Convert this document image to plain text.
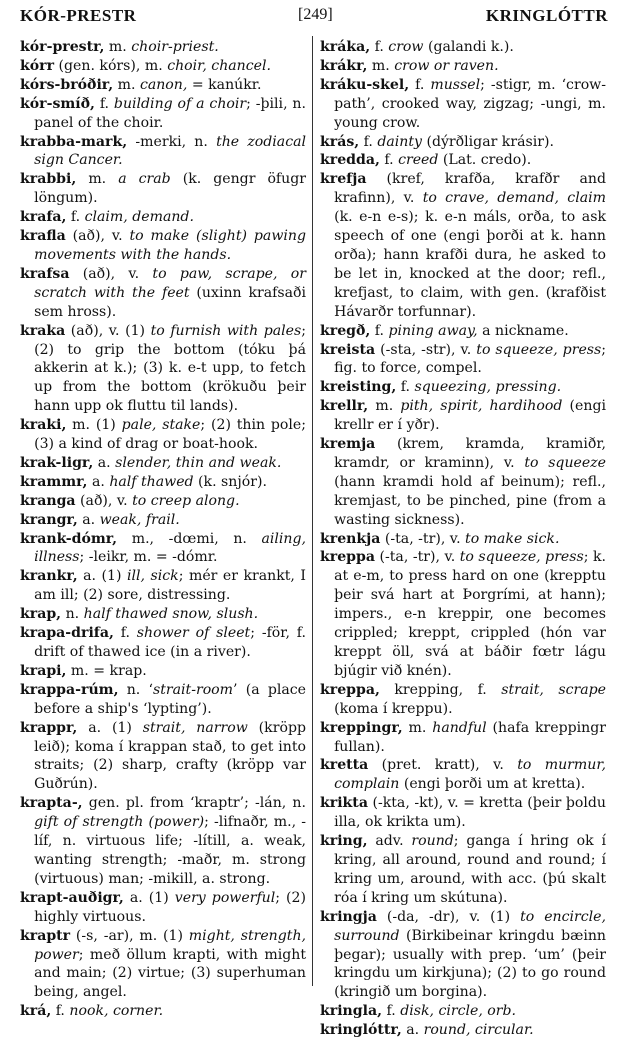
KÓR-PRESTR	[249]	KRINGLÓTTR

kór-prestr, m. choir-priest.

kórr (gen. kórs), m. choir, chancel.

kórs-bróðir, m. canon, = kanúkr.

kór-smíð, f. building of a choir; -þili, n. panel of the choir.

krabba-mark, -merki, n. the zodiacal sign Cancer.

krabbi, m. a crab (k. gengr öfugr löngum).

krafa, f. claim, demand.

krafla (að), v. to make (slight) pawing movements with the hands.

krafsa (að), v. to paw, scrape, or scratch with the feet (uxinn krafsaði sem hross).

kraka (að), v. (1) to furnish with pales; (2) to grip the bottom (tóku þá akkerin at k.); (3) k. e-t upp, to fetch up from the bottom (krökuðu þeir hann upp ok fluttu til lands).

kraki, m. (1) pale, stake; (2) thin pole; (3) a kind of drag or boat-hook.

krak-ligr, a. slender, thin and weak.

krammr, a. half thawed (k. snjór).

kranga (að), v. to creep along.

krangr, a. weak, frail.

krank-dómr, m., -dœmi, n. ailing, illness; -leikr, m. = -dómr.

krankr, a. (1) ill, sick; mér er krankt, I am ill; (2) sore, distressing.

krap, n. half thawed snow, slush.

krapa-drifa, f. shower of sleet; -för, f. drift of thawed ice (in a river).

krapi, m. = krap.

krappa-rúm, n. ‘strait-room’ (a place before a ship's ‘lypting’).

krappr, a. (1) strait, narrow (kröpp leið); koma í krappan stað, to get into straits; (2) sharp, crafty (kröpp var Guðrún).

krapta-, gen. pl. from ‘kraptr’; -lán, n. gift of strength (power); -lifnaðr, m., -líf, n. virtuous life; -lítill, a. weak, wanting strength; -maðr, m. strong (virtuous) man; -mikill, a. strong.

krapt-auðigr, a. (1) very powerful; (2) highly virtuous.

kraptr (-s, -ar), m. (1) might, strength, power; með öllum krapti, with might and main; (2) virtue; (3) superhuman being, angel.

krá, f. nook, corner.

kráka, f. crow (galandi k.).

krákr, m. crow or raven.

kráku-skel, f. mussel; -stigr, m. ‘crow-path’, crooked way, zigzag; -ungi, m. young crow.

krás, f. dainty (dýrðligar krásir).

kredda, f. creed (Lat. credo).

krefja (kref, krafða, krafðr and krafinn), v. to crave, demand, claim (k. e-n e-s); k. e-n máls, orða, to ask speech of one (engi þorði at k. hann orða); hann krafði dura, he asked to be let in, knocked at the door; refl., krefjast, to claim, with gen. (krafðist Hávarðr torfunnar).

kregð, f. pining away, a nickname.

kreista (-sta, -str), v. to squeeze, press; fig. to force, compel.

kreisting, f. squeezing, pressing.

krellr, m. pith, spirit, hardihood (engi krellr er í yðr).

kremja (krem, kramda, kramiðr, kramdr, or kraminn), v. to squeeze (hann kramdi hold af beinum); refl., kremjast, to be pinched, pine (from a wasting sickness).

krenkja (-ta, -tr), v. to make sick.

kreppa (-ta, -tr), v. to squeeze, press; k. at e-m, to press hard on one (krepptu þeir svá hart at Þorgrími, at hann); impers., e-n kreppir, one becomes crippled; kreppt, crippled (hón var kreppt öll, svá at báðir fœtr lágu bjúgir við knén).

kreppa, krepping, f. strait, scrape (koma í kreppu).

kreppingr, m. handful (hafa kreppingr fullan).

kretta (pret. kratt), v. to murmur, complain (engi þorði um at kretta).

krikta (-kta, -kt), v. = kretta (þeir þoldu illa, ok krikta um).

kring, adv. round; ganga í hring ok í kring, all around, round and round; í kring um, around, with acc. (þú skalt róa í kring um skútuna).

kringja (-da, -dr), v. (1) to encircle, surround (Birkibeinar kringdu bæinn þegar); usually with prep. ‘um’ (þeir kringdu um kirkjuna); (2) to go round (kringið um borgina).

kringla, f. disk, circle, orb.

kringlóttr, a. round, circular.
